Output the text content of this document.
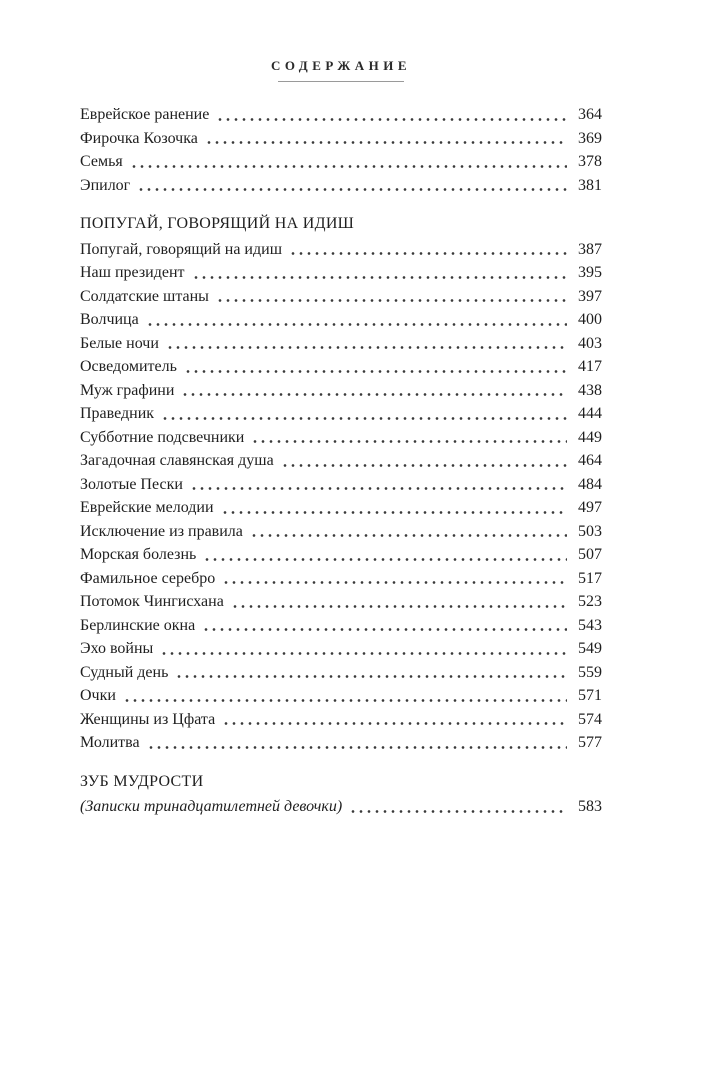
СОДЕРЖАНИЕ
Еврейское ранение	364
Фирочка Козочка	369
Семья	378
Эпилог	381
ПОПУГАЙ, ГОВОРЯЩИЙ НА ИДИШ
Попугай, говорящий на идиш	387
Наш президент	395
Солдатские штаны	397
Волчица	400
Белые ночи	403
Осведомитель	417
Муж графини	438
Праведник	444
Субботние подсвечники	449
Загадочная славянская душа	464
Золотые Пески	484
Еврейские мелодии	497
Исключение из правила	503
Морская болезнь	507
Фамильное серебро	517
Потомок Чингисхана	523
Берлинские окна	543
Эхо войны	549
Судный день	559
Очки	571
Женщины из Цфата	574
Молитва	577
ЗУБ МУДРОСТИ
(Записки тринадцатилетней девочки)	583
